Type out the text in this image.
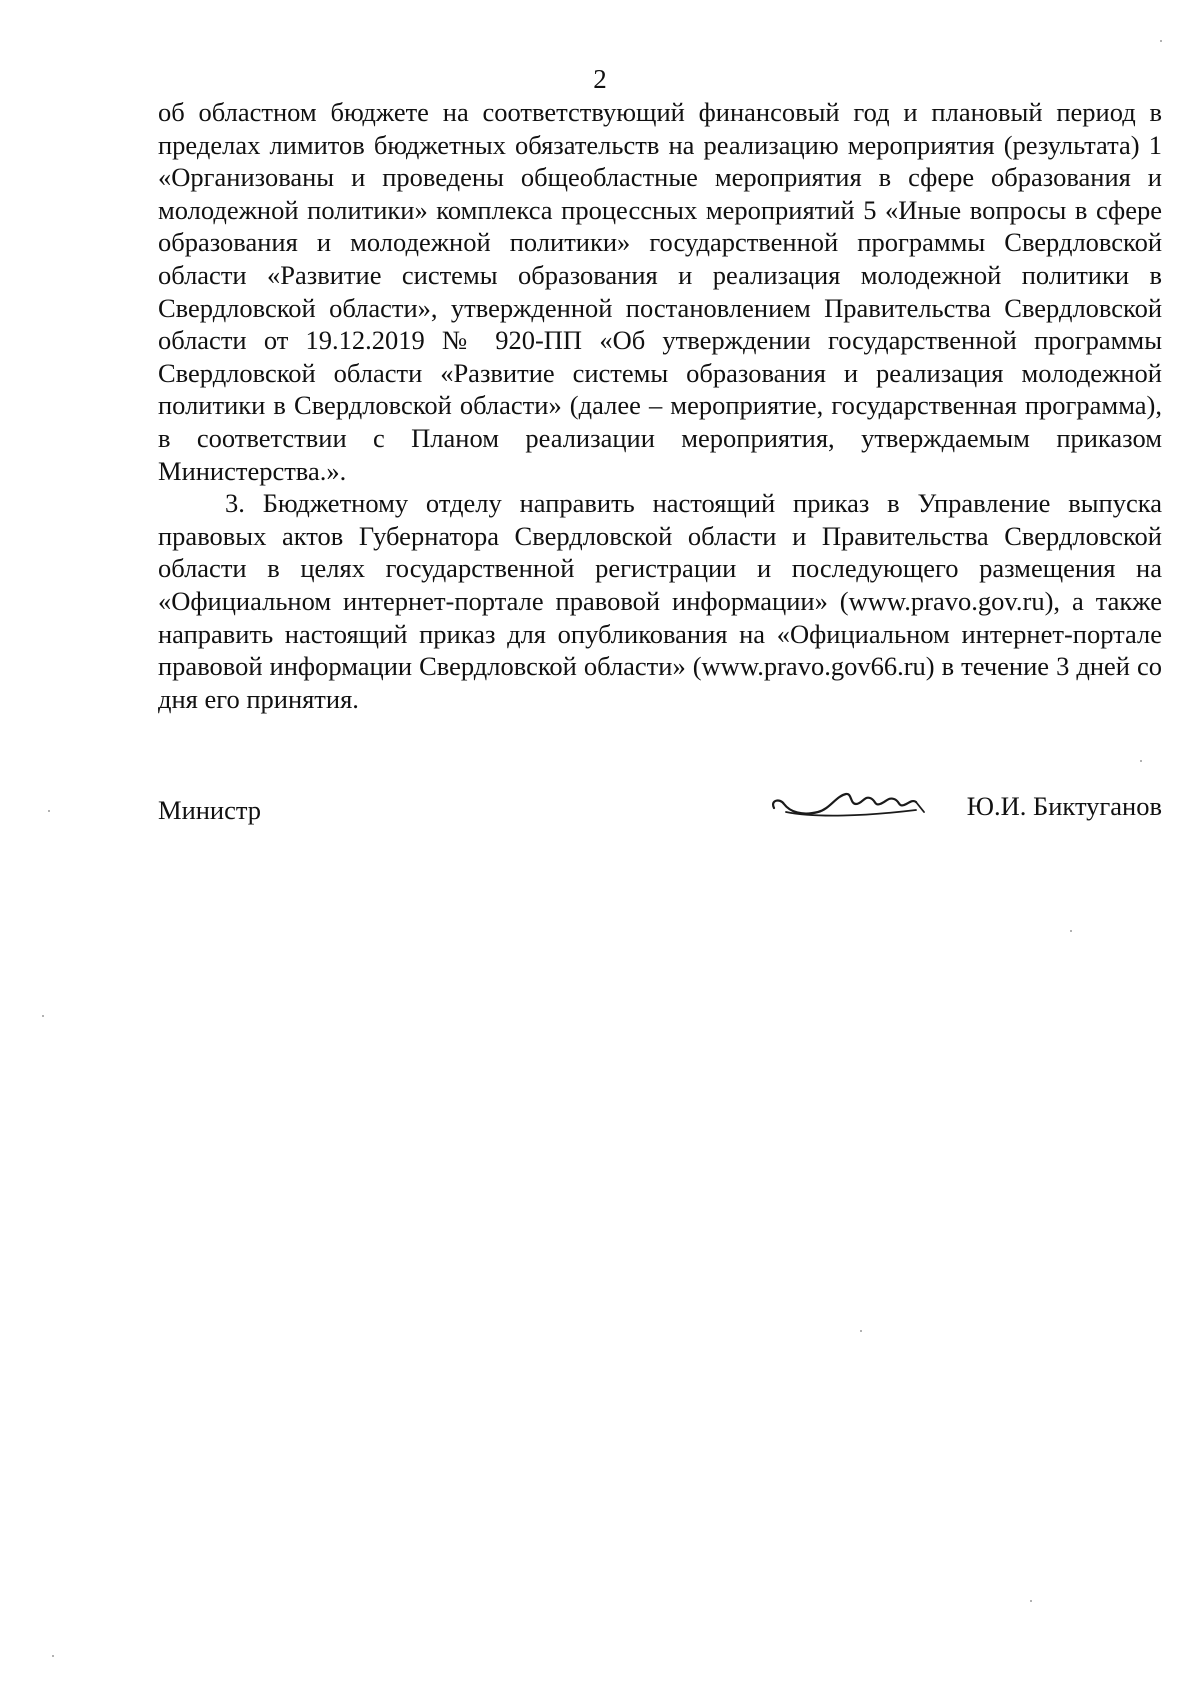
2

об областном бюджете на соответствующий финансовый год и плановый период в пределах лимитов бюджетных обязательств на реализацию мероприятия (результата) 1 «Организованы и проведены общеобластные мероприятия в сфере образования и молодежной политики» комплекса процессных мероприятий 5 «Иные вопросы в сфере образования и молодежной политики» государственной программы Свердловской области «Развитие системы образования и реализация молодежной политики в Свердловской области», утвержденной постановлением Правительства Свердловской области от 19.12.2019 № 920-ПП «Об утверждении государственной программы Свердловской области «Развитие системы образования и реализация молодежной политики в Свердловской области» (далее – мероприятие, государственная программа), в соответствии с Планом реализации мероприятия, утверждаемым приказом Министерства.».

3. Бюджетному отделу направить настоящий приказ в Управление выпуска правовых актов Губернатора Свердловской области и Правительства Свердловской области в целях государственной регистрации и последующего размещения на «Официальном интернет-портале правовой информации» (www.pravo.gov.ru), а также направить настоящий приказ для опубликования на «Официальном интернет-портале правовой информации Свердловской области» (www.pravo.gov66.ru) в течение 3 дней со дня его принятия.

Министр	Ю.И. Биктуганов
